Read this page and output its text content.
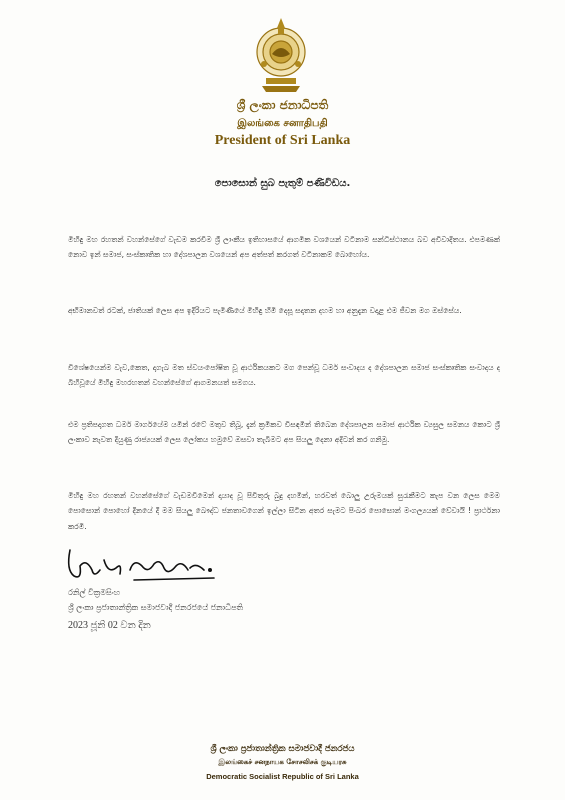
ශ්‍රී ලංකා ජනාධිපති
இலங்கை சனாதிபதி
President of Sri Lanka
පොසොන් සුබ පැතුම් පණිවිඩය.
මිහිඳු මහ රහතන් වහන්සේගේ වැඩම කරවීම ශ්‍රී ලාංකීය ඉතිහාසයේ ආගමික වශයෙන් වටිනාම සන්ධිස්ථානය බව අවිවාදිතය. එපමණක් නොව ඉන් සමාජ, සංස්කෘතික හා දේශපාලන වශයෙන් අප අත්පත් කරගත් වටිනාකම් බොහෝය.
අභිමානවත් රටක්, ජාතියක් ලෙස අප ඉදිරියට පැමිණියේ මිහිඳු හිමි දෙසූ සදාතන දහම හා අනුදැන වදාළ එම ජීවන මග ඔස්සේය.
විශේෂයෙන්ම වැව,කෙත, දාගැබ මත ස්වයංපෝෂිත වූ ආර්ථිකයකට මග පෙන්වූ ධර්ම සංවාදය ද දේශපාලන සමාජ සංස්කෘතික සංවාදය ද බිහිවූයේ මිහිඳු මහරහතන් වහන්සේගේ ආගමනයත් සමගය.
එම ප්‍රතිපදාගත ධර්ම මාර්ගයේම යමින් රටේ මතුව තිබූ, දැන් ක්‍රමිකව විසඳමින් තිබෙන දේශපාලන සමාජ ආර්ථික ව්‍යසුල සමනය කොට ශ්‍රී ලංකාව නැවත දියුණු රාජ්‍යයක් ලෙස ලෝකය හමුවේ ඔසවා තැබීමට අප සියලු දෙනා අදිටන් කර ගනිමු.
මිහිඳු මහ රහතන් වහන්සේගේ වැඩමවීමෙන් දායාද වූ පිවිතුරු බුදු දහමින්, හරවත් බොලු උරුමයක් සුරැකීමට කැප වන ලෙස මෙම පොසොන් පොහෝ දිනයේ දී මම සියලු බෞද්ධ ජනතාවගෙන් ඉල්ලා සිටින අතර සැමට පිංබර පොසොන් මංගල්‍යයක් වේවායි ! ප්‍රාර්ථනා කරමි.
රනිල් වික්‍රමසිංහ
ශ්‍රී ලංකා ප්‍රජාතාන්ත්‍රික සමාජවාදී ජනරජයේ ජනාධිපති
2023 ජූනි 02 වන දින
ශ්‍රී ලංකා ප්‍රජාතාන්ත්‍රික සමාජවාදී ජනරජය
இலங்கைச் சனநாயக சோசலிசக் குடியரசு
Democratic Socialist Republic of Sri Lanka
